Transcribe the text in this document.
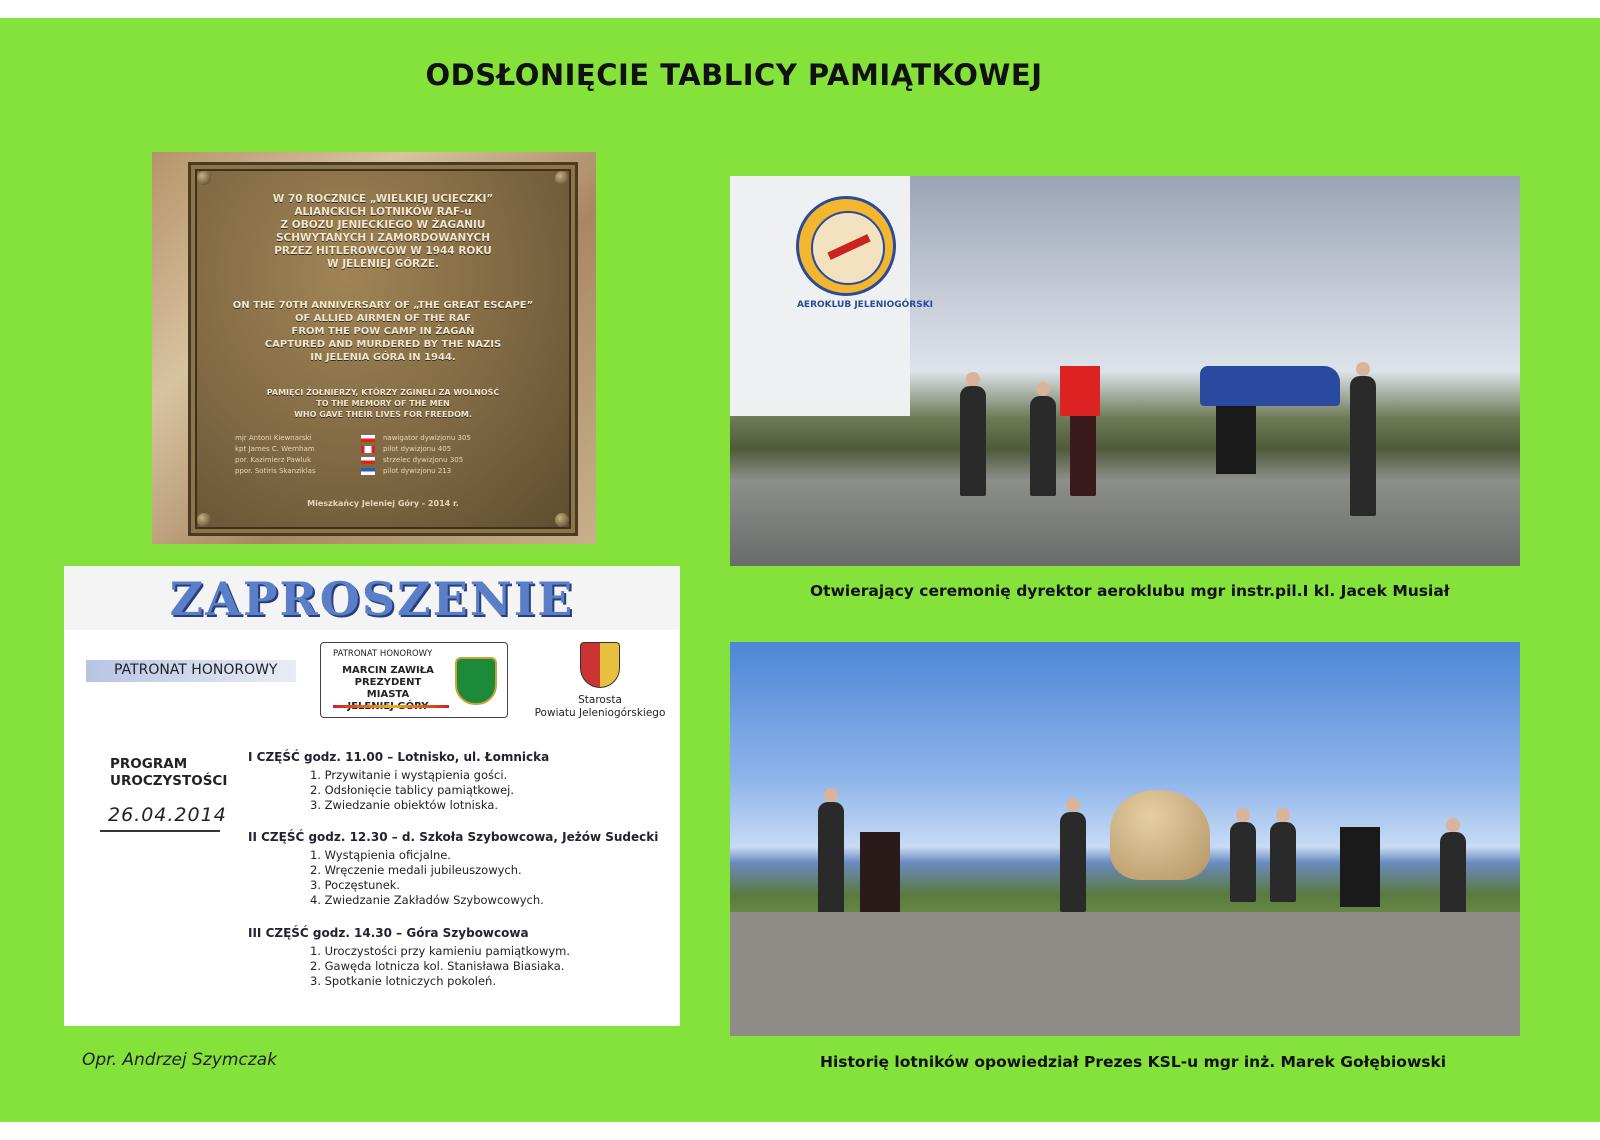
ODSŁONIĘCIE TABLICY PAMIĄTKOWEJ
W 70 ROCZNICE „WIELKIEJ UCIECZKI”
ALIANCKICH LOTNIKÓW RAF-u
Z OBOZU JENIECKIEGO W ŻAGANIU
SCHWYTANYCH I ZAMORDOWANYCH
PRZEZ HITLEROWCÓW W 1944 ROKU
W JELENIEJ GÓRZE.
ON THE 70TH ANNIVERSARY OF „THE GREAT ESCAPE”
OF ALLIED AIRMEN OF THE RAF
FROM THE POW CAMP IN ŻAGAŃ
CAPTURED AND MURDERED BY THE NAZIS
IN JELENIA GÓRA IN 1944.
PAMIĘCI ŻOŁNIERZY, KTÓRZY ZGINĘLI ZA WOLNOŚĆ
TO THE MEMORY OF THE MEN
WHO GAVE THEIR LIVES FOR FREEDOM.
mjr Antoni Kiewnarski	nawigator dywizjonu 305
kpt James C. Wernham	pilot dywizjonu 405
por. Kazimierz Pawluk	strzelec dywizjonu 305
ppor. Sotiris Skanziklas	pilot dywizjonu 213
Mieszkańcy Jeleniej Góry - 2014 r.
Otwierający ceremonię dyrektor aeroklubu mgr instr.pil.I kl. Jacek Musiał
Historię lotników opowiedział Prezes KSL-u mgr inż. Marek Gołębiowski
ZAPROSZENIE
PATRONAT HONOROWY
PATRONAT HONOROWY
MARCIN ZAWIŁA
PREZYDENT MIASTA	Starosta
Powiatu Jeleniogórskiego
PROGRAM
UROCZYSTOŚCI
26.04.2014
I CZĘŚĆ godz. 11.00 – Lotnisko, ul. Łomnicka
1. Przywitanie i wystąpienia gości.
2. Odsłonięcie tablicy pamiątkowej.
3. Zwiedzanie obiektów lotniska.
II CZĘŚĆ godz. 12.30 – d. Szkoła Szybowcowa, Jeżów Sudecki
1. Wystąpienia oficjalne.
2. Wręczenie medali jubileuszowych.
3. Poczęstunek.
4. Zwiedzanie Zakładów Szybowcowych.
III CZĘŚĆ godz. 14.30 – Góra Szybowcowa
1. Uroczystości przy kamieniu pamiątkowym.
2. Gawęda lotnicza kol. Stanisława Biasiaka.
3. Spotkanie lotniczych pokoleń.
Opr. Andrzej Szymczak
AEROKLUB JELENIOGÓRSKI
